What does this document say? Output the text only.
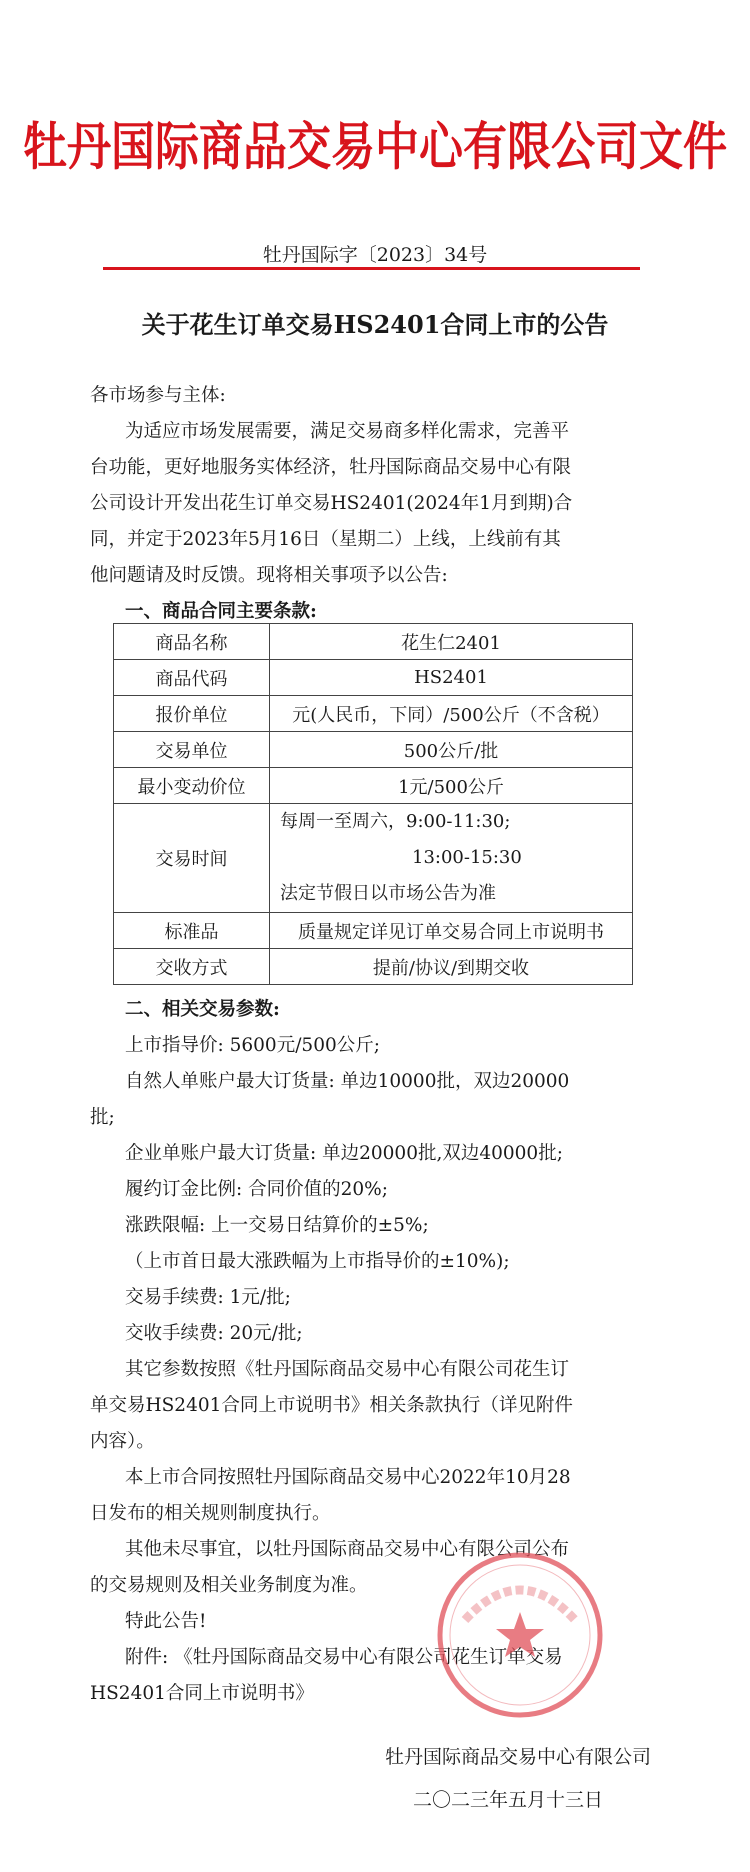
牡丹国际商品交易中心有限公司文件
牡丹国际字〔2023〕34号
关于花生订单交易HS2401合同上市的公告
各市场参与主体:
为适应市场发展需要，满足交易商多样化需求，完善平
台功能，更好地服务实体经济，牡丹国际商品交易中心有限
公司设计开发出花生订单交易HS2401(2024年1月到期)合
同，并定于2023年5月16日（星期二）上线，上线前有其
他问题请及时反馈。现将相关事项予以公告:
一、商品合同主要条款:
商品名称	花生仁2401
商品代码	HS2401
报价单位	元(人民币，下同）/500公斤（不含税）
交易单位	500公斤/批
最小变动价位	1元/500公斤
交易时间	每周一至周六，9:00-11:30;
13:00-15:30
法定节假日以市场公告为准

标准品	质量规定详见订单交易合同上市说明书
交收方式	提前/协议/到期交收
二、相关交易参数:
上市指导价: 5600元/500公斤;
自然人单账户最大订货量: 单边10000批，双边20000
批;
企业单账户最大订货量: 单边20000批,双边40000批;
履约订金比例: 合同价值的20%;
涨跌限幅: 上一交易日结算价的±5%;
（上市首日最大涨跌幅为上市指导价的±10%);
交易手续费: 1元/批;
交收手续费: 20元/批;
其它参数按照《牡丹国际商品交易中心有限公司花生订
单交易HS2401合同上市说明书》相关条款执行（详见附件
内容）。
本上市合同按照牡丹国际商品交易中心2022年10月28
日发布的相关规则制度执行。
其他未尽事宜，以牡丹国际商品交易中心有限公司公布
的交易规则及相关业务制度为准。
特此公告!
附件: 《牡丹国际商品交易中心有限公司花生订单交易
HS2401合同上市说明书》
牡丹国际商品交易中心有限公司
二〇二三年五月十三日
